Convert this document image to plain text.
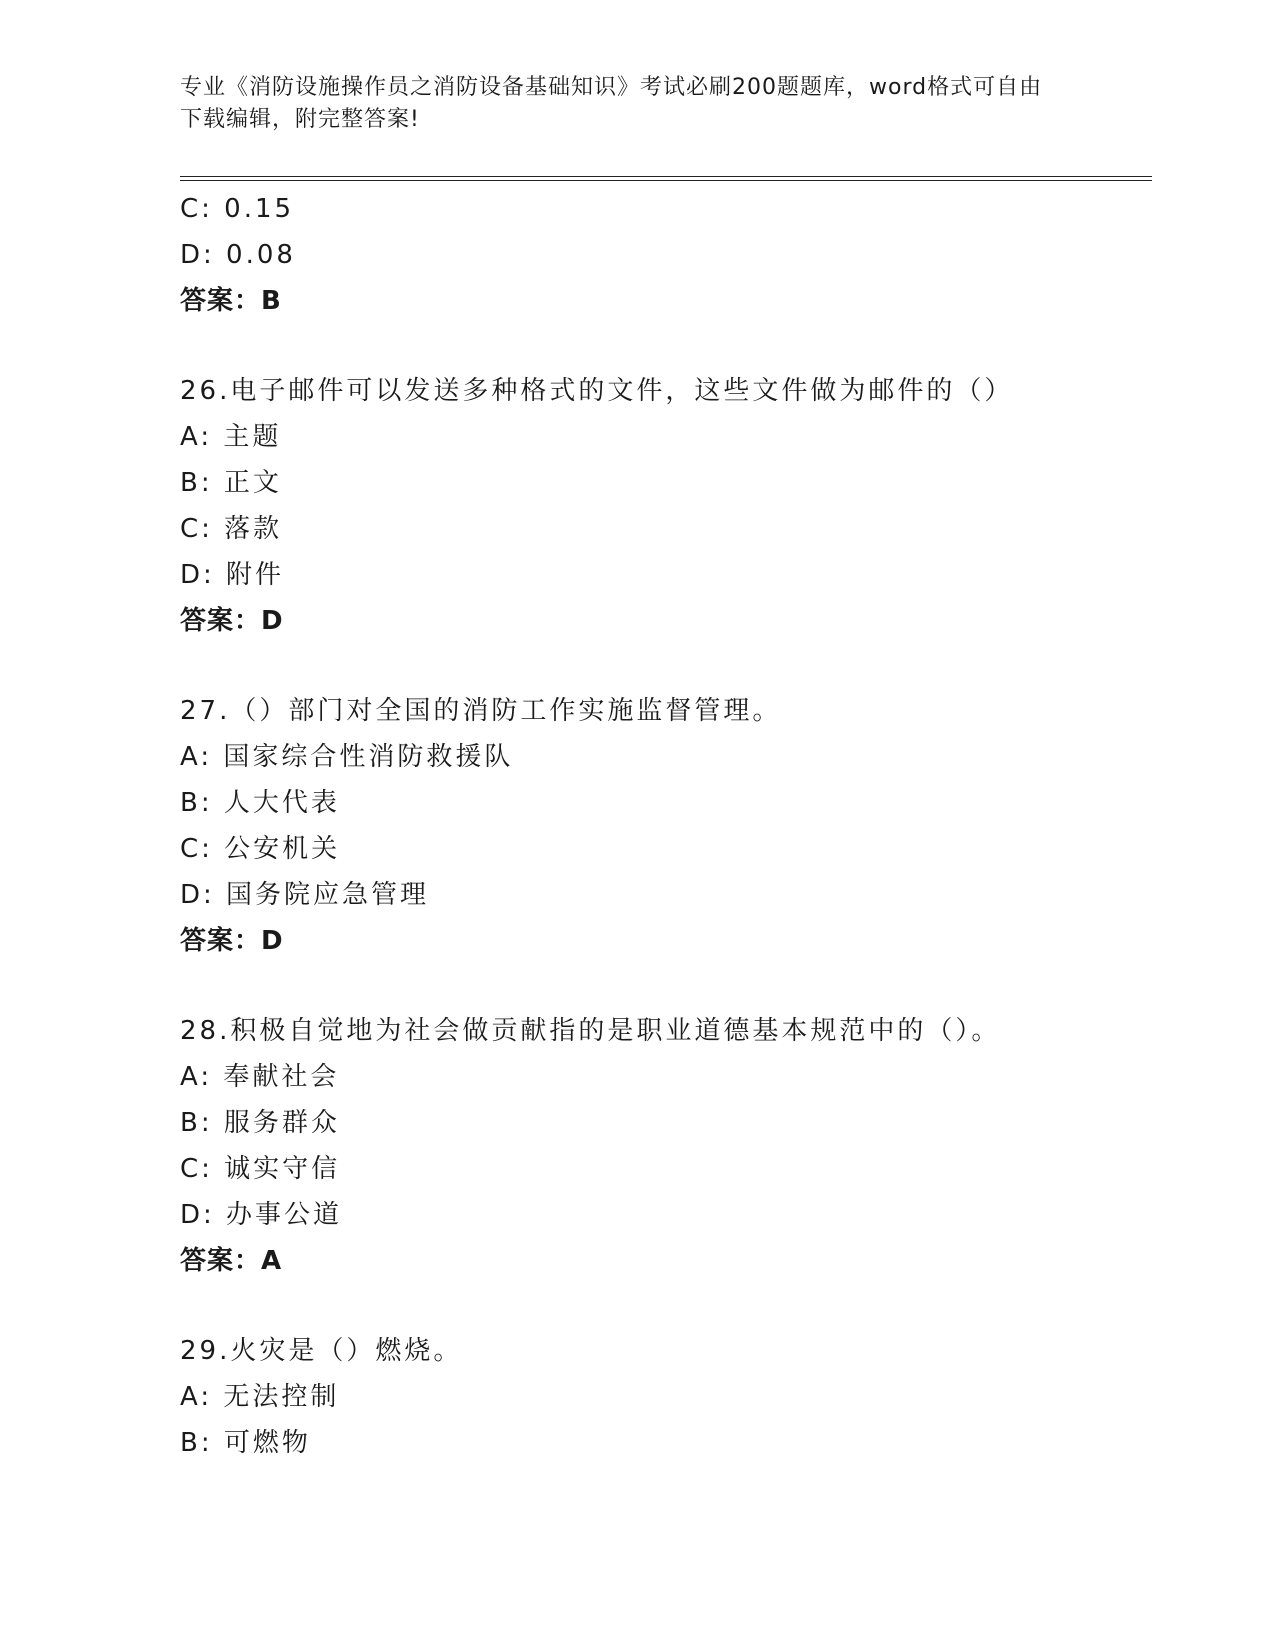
专业《消防设施操作员之消防设备基础知识》考试必刷200题题库，word格式可自由下载编辑，附完整答案!
C: 0.15
D: 0.08
答案：B
26.电子邮件可以发送多种格式的文件，这些文件做为邮件的（）
A: 主题
B: 正文
C: 落款
D: 附件
答案：D
27.（）部门对全国的消防工作实施监督管理。
A: 国家综合性消防救援队
B: 人大代表
C: 公安机关
D: 国务院应急管理
答案：D
28.积极自觉地为社会做贡献指的是职业道德基本规范中的（）。
A: 奉献社会
B: 服务群众
C: 诚实守信
D: 办事公道
答案：A
29.火灾是（）燃烧。
A: 无法控制
B: 可燃物
